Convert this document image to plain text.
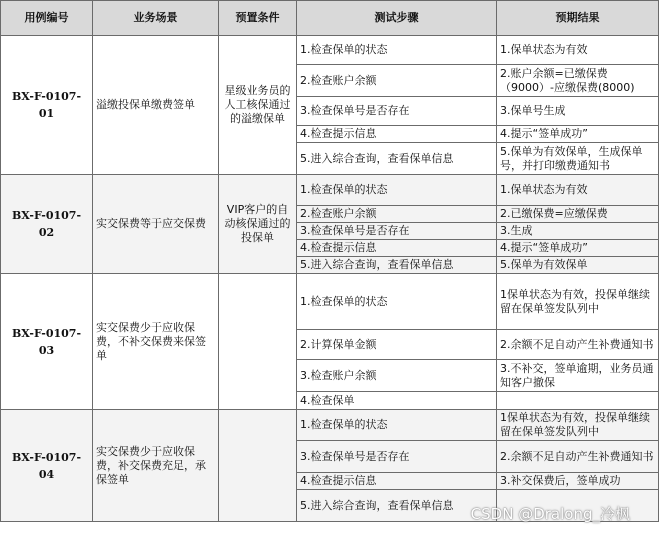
用例编号	业务场景	预置条件	测试步骤	预期结果
BX-F-0107-
01	溢缴投保单缴费签单	星级业务员的人工核保通过的溢缴保单	1.检查保单的状态	1.保单状态为有效
			2.检查账户余额	2.账户余额=已缴保费（9000）-应缴保费(8000)
			3.检查保单号是否存在	3.保单号生成
			4.检查提示信息	4.提示“签单成功”
			5.进入综合查询，查看保单信息	5.保单为有效保单，生成保单号，并打印缴费通知书
BX-F-0107-
02	实交保费等于应交保费	VIP客户的自动核保通过的投保单	1.检查保单的状态	1.保单状态为有效
			2.检查账户余额	2.已缴保费=应缴保费
			3.检查保单号是否存在	3.生成
			4.检查提示信息	4.提示“签单成功”
			5.进入综合查询，查看保单信息	5.保单为有效保单
BX-F-0107-
03	实交保费少于应收保费，不补交保费来保签单		1.检查保单的状态	1保单状态为有效，投保单继续留在保单签发队列中
			2.计算保单金额	2.余额不足自动产生补费通知书
			3.检查账户余额	3.不补交，签单逾期，业务员通知客户撤保
			4.检查保单	
BX-F-0107-
04	实交保费少于应收保费，补交保费充足，承保签单		1.检查保单的状态	1保单状态为有效，投保单继续留在保单签发队列中
			3.检查保单号是否存在	2.余额不足自动产生补费通知书
			4.检查提示信息	3.补交保费后，签单成功
			5.进入综合查询，查看保单信息	CSDN @Dralong_冷枫
